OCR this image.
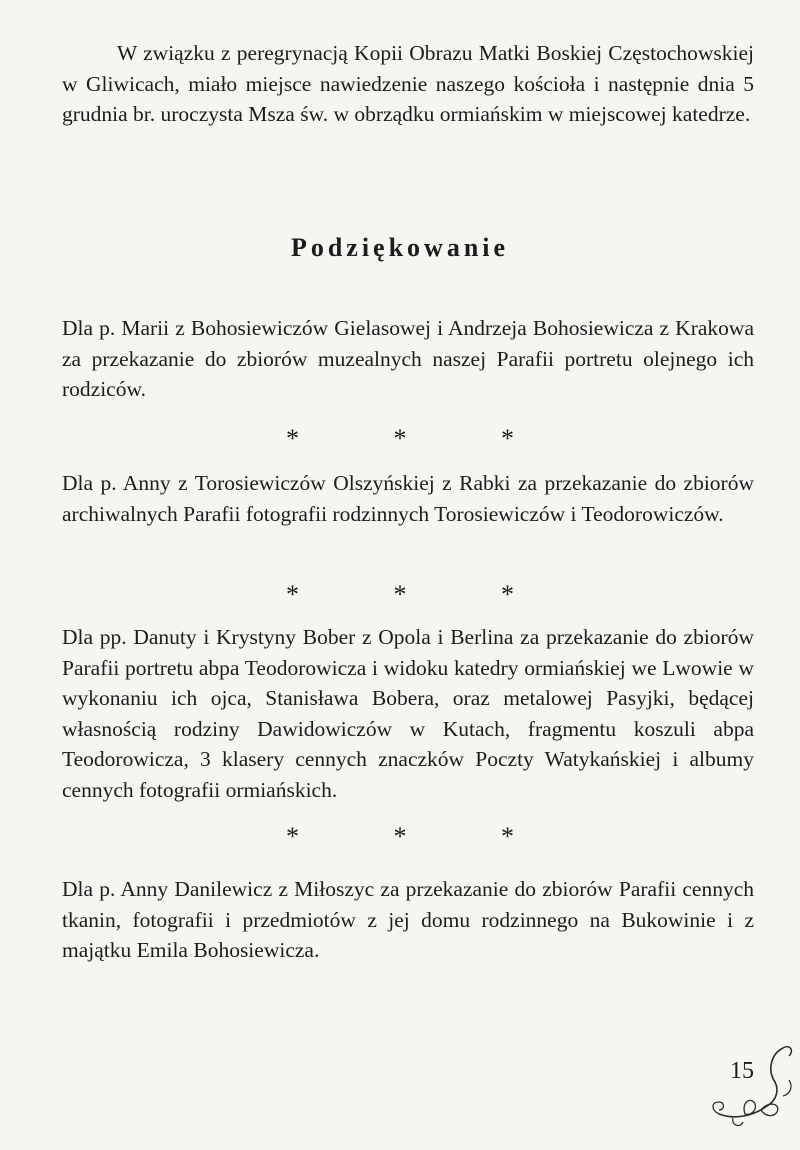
W związku z peregrynacją Kopii Obrazu Matki Boskiej Częstochowskiej w Gliwicach, miało miejsce nawiedzenie naszego kościoła i następnie dnia 5 grudnia br. uroczysta Msza św. w obrządku ormiańskim w miejscowej katedrze.

Podziękowanie

Dla p. Marii z Bohosiewiczów Gielasowej i Andrzeja Bohosiewicza z Krakowa za przekazanie do zbiorów muzealnych naszej Parafii portretu olejnego ich rodziców.

* * *

Dla p. Anny z Torosiewiczów Olszyńskiej z Rabki za przekazanie do zbiorów archiwalnych Parafii fotografii rodzinnych Torosiewiczów i Teodorowiczów.

* * *

Dla pp. Danuty i Krystyny Bober z Opola i Berlina za przekazanie do zbiorów Parafii portretu abpa Teodorowicza i widoku katedry ormiańskiej we Lwowie w wykonaniu ich ojca, Stanisława Bobera, oraz metalowej Pasyjki, będącej własnością rodziny Dawidowiczów w Kutach, fragmentu koszuli abpa Teodorowicza, 3 klasery cennych znaczków Poczty Watykańskiej i albumy cennych fotografii ormiańskich.

* * *

Dla p. Anny Danilewicz z Miłoszyc za przekazanie do zbiorów Parafii cennych tkanin, fotografii i przedmiotów z jej domu rodzinnego na Bukowinie i z majątku Emila Bohosiewicza.

15
